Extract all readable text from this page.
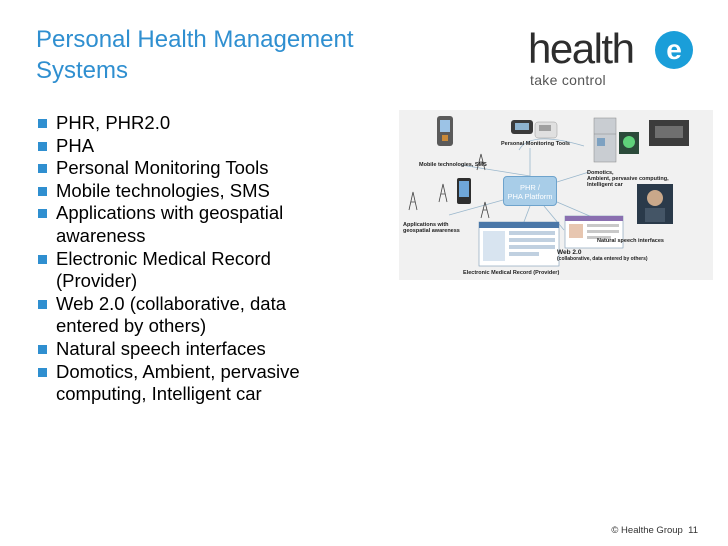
Personal Health Management
Systems	health e
take control
PHR, PHR2.0
PHA
Personal Monitoring Tools
Mobile technologies, SMS
Applications with geospatial
awareness
Electronic Medical Record
(Provider)
Web 2.0 (collaborative, data
entered by others)
Natural speech interfaces
Domotics, Ambient, pervasive
computing, Intelligent car
PHR /
PHA Platform
Personal Monitoring Tools
Mobile technologies, SMS
Domotics,
Ambient, pervasive computing,
Intelligent car
Applications with
geospatial awareness
Natural speech interfaces
Web 2.0
(collaborative, data entered by others)
Electronic Medical Record (Provider)
© Healthe Group 11
